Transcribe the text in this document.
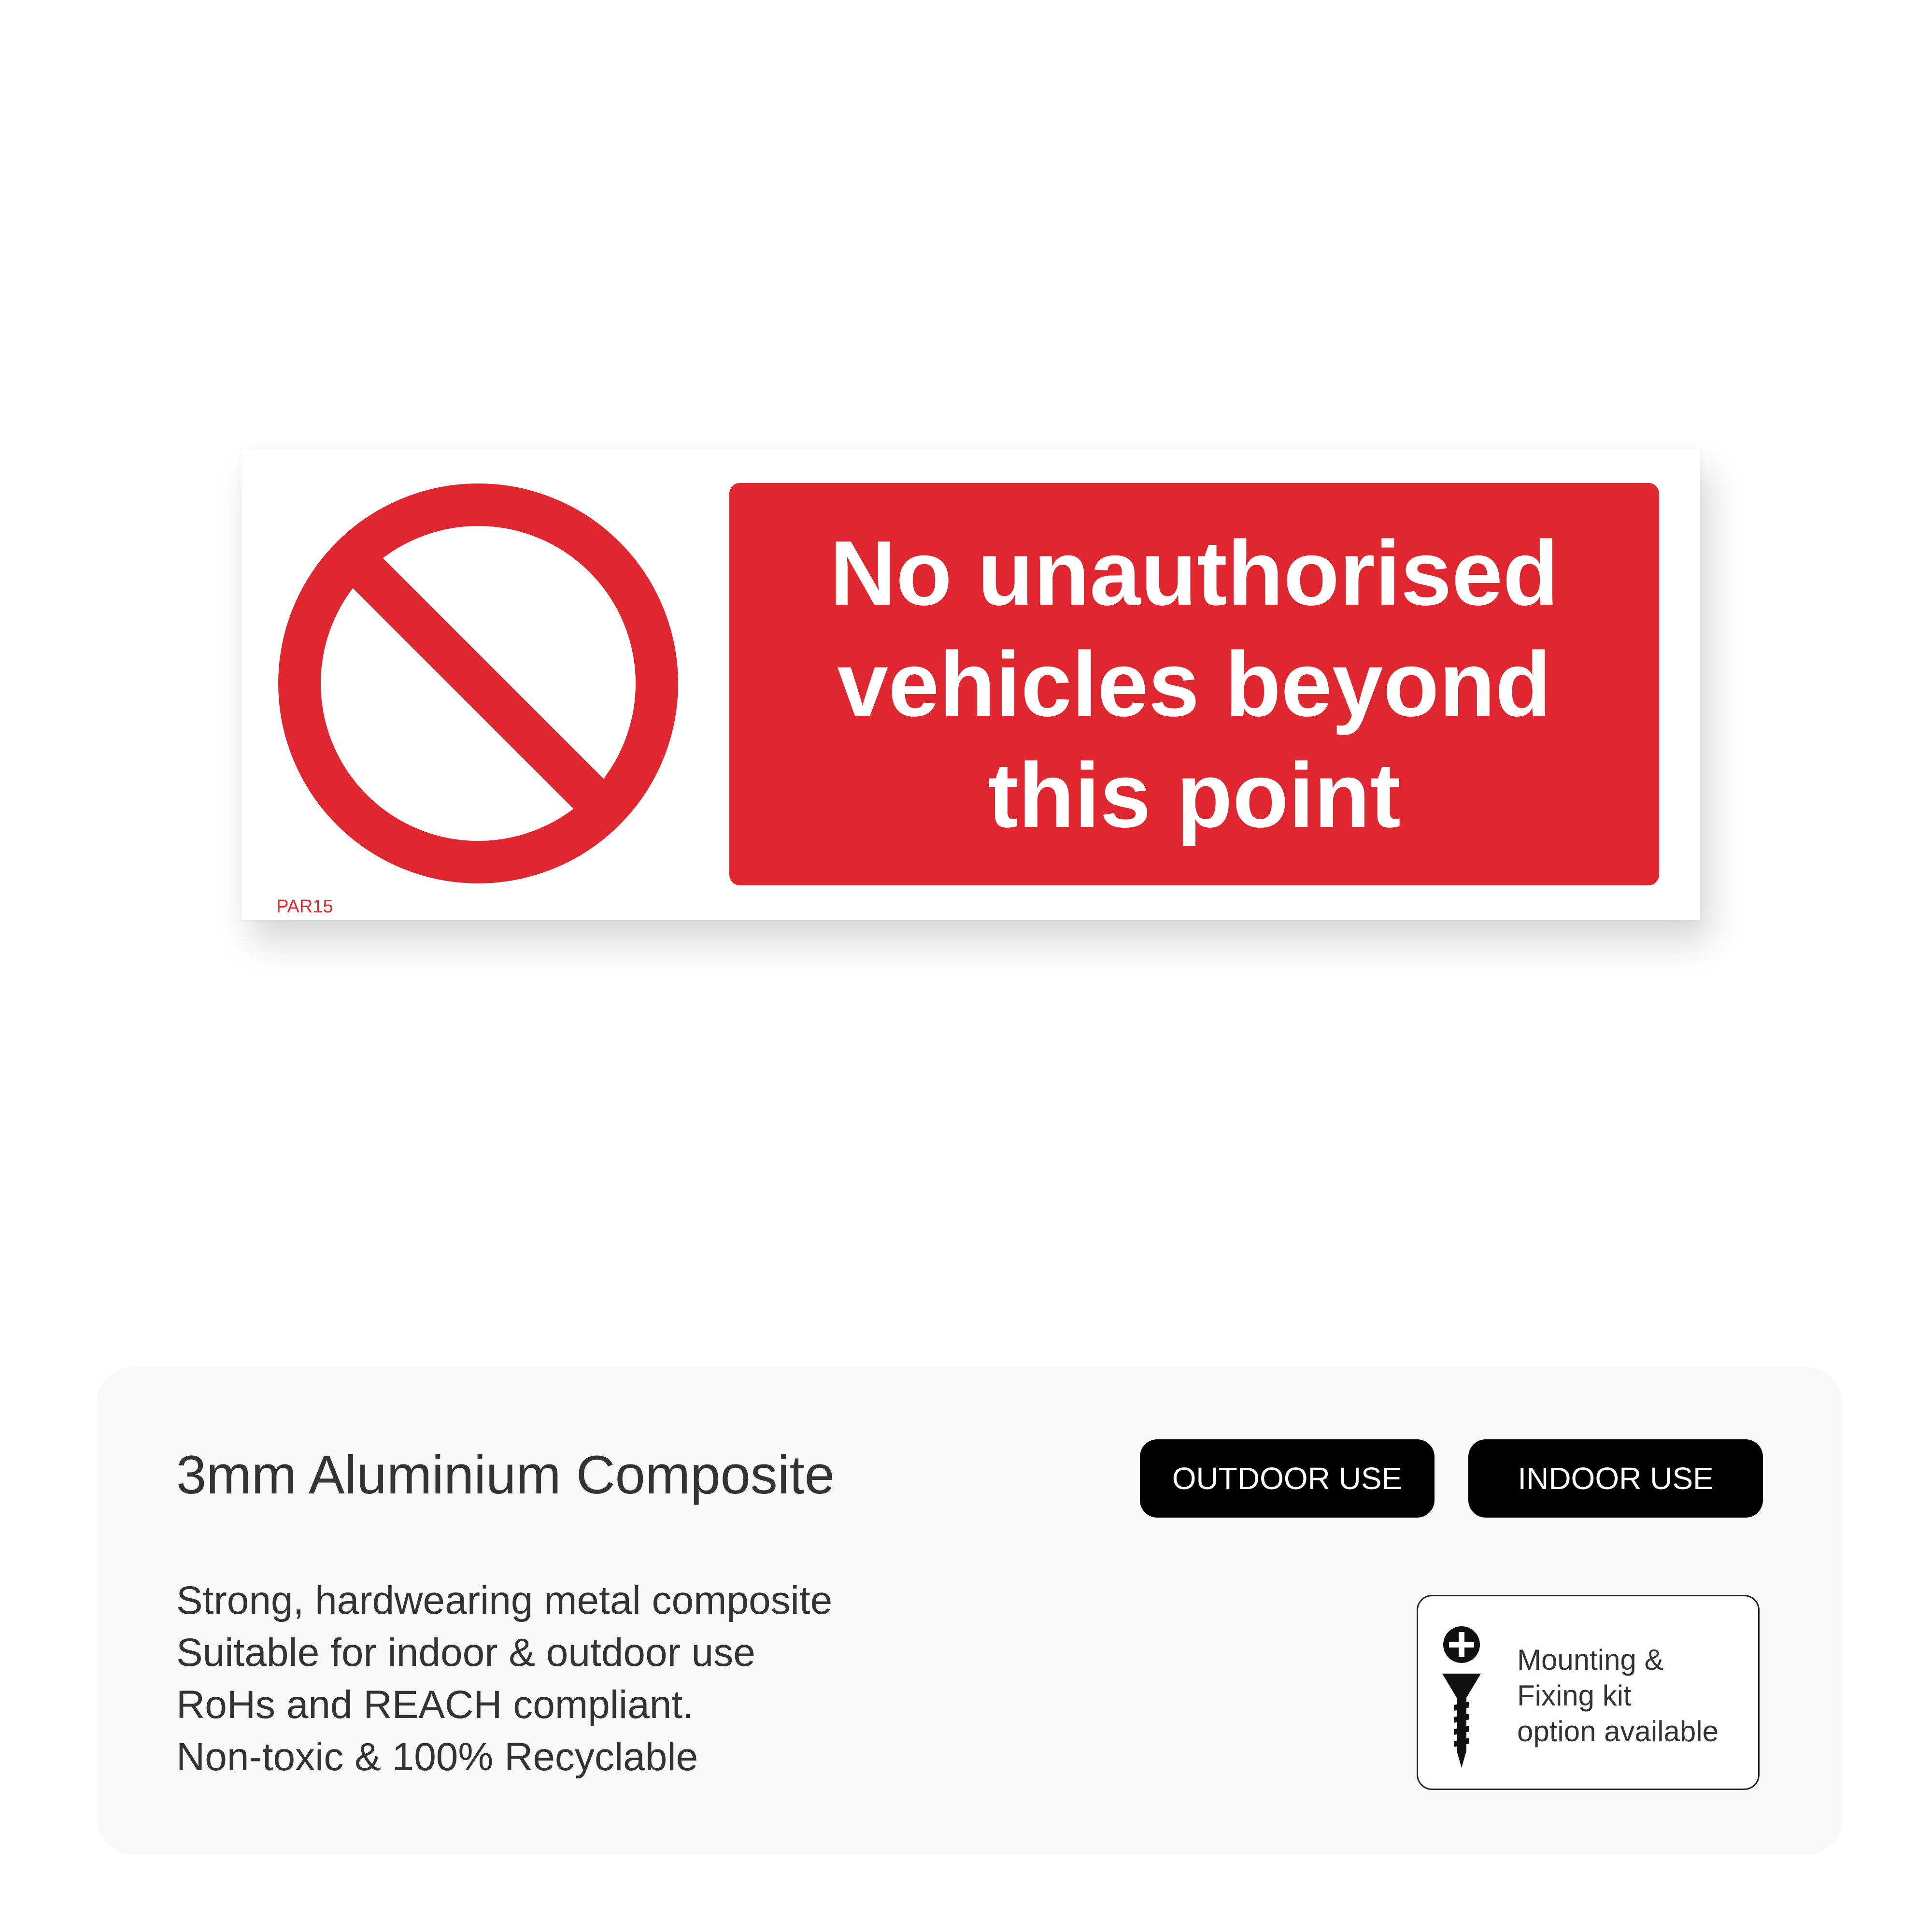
PAR15

No unauthorised
vehicles beyond
this point

3mm Aluminium Composite	OUTDOOR USE	INDOOR USE
Strong, hardwearing metal composite
Suitable for indoor & outdoor use
RoHs and REACH compliant.
Non-toxic & 100% Recyclable

Mounting &
Fixing kit
option available
